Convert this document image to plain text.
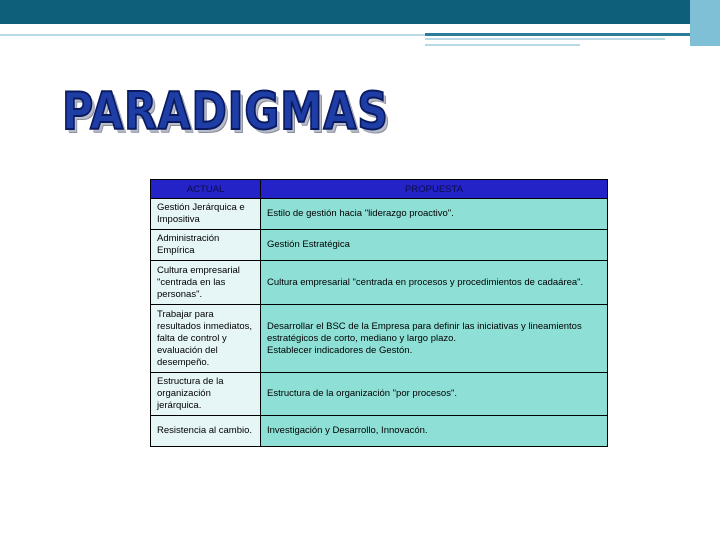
PARADIGMAS
ACTUAL	PROPUESTA
Gestión Jerárquica e Impositiva	Estilo de gestión hacia "liderazgo proactivo".
Administración Empírica	Gestión Estratégica
Cultura empresarial "centrada en las personas".	Cultura empresarial "centrada en procesos y procedimientos de cadaárea".
Trabajar para resultados inmediatos, falta de control y evaluación del desempeño.	Desarrollar el BSC de la Empresa para definir las iniciativas y lineamientos estratégicos de corto, mediano y largo plazo.
Establecer indicadores de Gestón.
Estructura de la organización jerárquica.	Estructura de la organización "por procesos".
Resistencia al cambio.	Investigación y Desarrollo, Innovacón.
